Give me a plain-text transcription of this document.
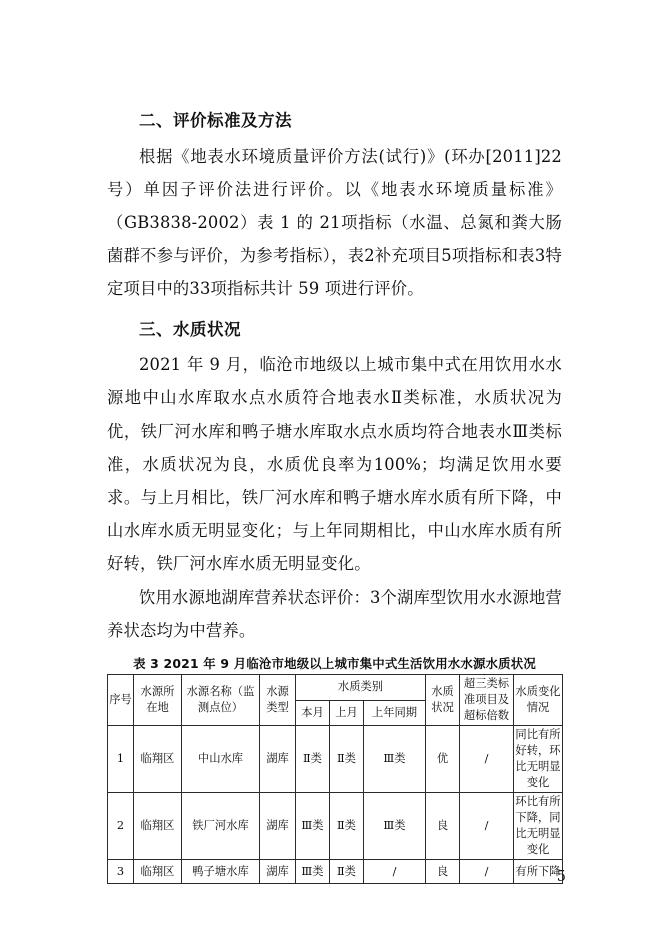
二、评价标准及方法

根据《地表水环境质量评价方法(试行)》(环办[2011]22号）单因子评价法进行评价。以《地表水环境质量标准》（GB3838-2002）表 1 的 21项指标（水温、总氮和粪大肠菌群不参与评价，为参考指标），表2补充项目5项指标和表3特定项目中的33项指标共计 59 项进行评价。

三、水质状况

2021 年 9 月，临沧市地级以上城市集中式在用饮用水水源地中山水库取水点水质符合地表水Ⅱ类标准，水质状况为优，铁厂河水库和鸭子塘水库取水点水质均符合地表水Ⅲ类标准，水质状况为良，水质优良率为100%；均满足饮用水要求。与上月相比，铁厂河水库和鸭子塘水库水质有所下降，中山水库水质无明显变化；与上年同期相比，中山水库水质有所好转，铁厂河水库水质无明显变化。

饮用水源地湖库营养状态评价：3个湖库型饮用水水源地营养状态均为中营养。

表 3 2021 年 9 月临沧市地级以上城市集中式生活饮用水水源水质状况
序号	水源所在地	水源名称（监测点位）	水源类型	水质类别			水质状况	超三类标准项目及超标倍数	水质变化情况
				本月	上月	上年同期			
1	临翔区	中山水库	湖库	Ⅱ类	Ⅱ类	Ⅲ类	优	/	同比有所好转，环比无明显变化
2	临翔区	铁厂河水库	湖库	Ⅲ类	Ⅱ类	Ⅲ类	良	/	环比有所下降，同比无明显变化
3	临翔区	鸭子塘水库	湖库	Ⅲ类	Ⅱ类	/	良	/	有所下降
5
